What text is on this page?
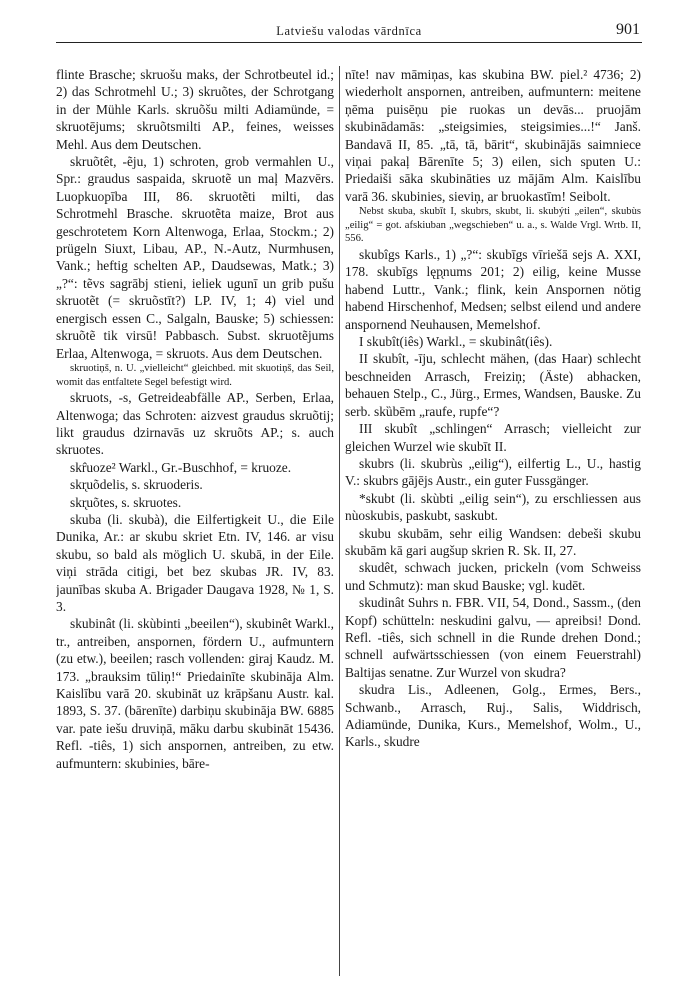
Latviešu valodas vārdnīca	901

flinte Brasche; skruošu maks, der Schrotbeutel id.; 2) das Schrotmehl U.; 3) skruõtes, der Schrotgang in der Mühle Karls. skruõšu milti Adiamünde, = skruotējums; skruõtsmilti AP., feines, weisses Mehl. Aus dem Deutschen.

skruõtêt, -ẽju, 1) schroten, grob vermahlen U., Spr.: graudus saspaida, skruotẽ un maļ Mazvērs. Luopkuopība III, 86. skruotẽti milti, das Schrotmehl Brasche. skruotẽta maize, Brot aus geschrotetem Korn Altenwoga, Erlaa, Stockm.; 2) prügeln Siuxt, Libau, AP., N.-Autz, Nurmhusen, Vank.; heftig schelten AP., Daudsewas, Matk.; 3) „?“: tẽvs sagrābj stieni, ieliek ugunī un grib pušu skruotẽt (= skruõstīt?) LP. IV, 1; 4) viel und energisch essen C., Salgaln, Bauske; 5) schiessen: skruõtẽ tik virsū! Pabbasch. Subst. skruotẽjums Erlaa, Altenwoga, = skruots. Aus dem Deutschen.

skruotiņš, n. U. „vielleicht“ gleichbed. mit skuotiņš, das Seil, womit das entfaltete Segel befestigt wird.

skruots, -s, Getreideabfälle AP., Serben, Erlaa, Altenwoga; das Schroten: aizvest graudus skruõtij; likt graudus dzirnavās uz skruõts AP.; s. auch skruotes.

skr̂uoze² Warkl., Gr.-Buschhof, = kruoze.

skr̨uõdelis, s. skruoderis.

skr̨uõtes, s. skruotes.

skuba (li. skubà), die Eilfertigkeit U., die Eile Dunika, Ar.: ar skubu skriet Etn. IV, 146. ar visu skubu, so bald als möglich U. skubā, in der Eile. viņi strāda citigi, bet bez skubas JR. IV, 83. jaunības skuba A. Brigader Daugava 1928, № 1, S. 3.

skubinât (li. skùbinti „beeilen“), skubinêt Warkl., tr., antreiben, anspornen, fördern U., aufmuntern (zu etw.), beeilen; rasch vollenden: giraj Kaudz. M. 173. „brauksim tūliņ!“ Priedainīte skubināja Alm. Kaislību varā 20. skubināt uz krāpšanu Austr. kal. 1893, S. 37. (bārenīte) darbiņu skubināja BW. 6885 var. pate iešu druviņā, māku darbu skubināt 15436. Refl. -tiês, 1) sich anspornen, antreiben, zu etw. aufmuntern: skubinies, bāre-

nīte! nav māmiņas, kas skubina BW. piel.² 4736; 2) wiederholt anspornen, antreiben, aufmuntern: meitene ņēma puisēņu pie ruokas un devās... pruojām skubinādamās: „steigsimies, steigsimies...!“ Janš. Bandavā II, 85. „tā, tā, bārit“, skubinājās saimniece viņai pakaļ Bārenīte 5; 3) eilen, sich sputen U.: Priedaiši sāka skubināties uz mājām Alm. Kaislību varā 36. skubinies, sieviņ, ar bruokastīm! Seibolt.

Nebst skuba, skubīt I, skubrs, skubt, li. skubýti „eilen“, skubùs „eilig“ = got. afskiuban „wegschieben“ u. a., s. Walde Vrgl. Wrtb. II, 556.

skubîgs Karls., 1) „?“: skubīgs vīriešā sejs A. XXI, 178. skubīgs lęp̨nums 201; 2) eilig, keine Musse habend Luttr., Vank.; flink, kein Anspornen nötig habend Hirschenhof, Medsen; selbst eilend und andere anspornend Neuhausen, Memelshof.

I skubît(iês) Warkl., = skubinât(iês).

II skubît, -īju, schlecht mähen, (das Haar) schlecht beschneiden Arrasch, Freiziņ; (Äste) abhacken, behauen Stelp., C., Jürg., Ermes, Wandsen, Bauske. Zu serb. skȕbēm „raufe, rupfe“?

III skubît „schlingen“ Arrasch; vielleicht zur gleichen Wurzel wie skubīt II.

skubrs (li. skubrùs „eilig“), eilfertig L., U., hastig V.: skubrs gājējs Austr., ein guter Fussgänger.

*skubt (li. skùbti „eilig sein“), zu erschliessen aus nùoskubis, paskubt, saskubt.

skubu skubām, sehr eilig Wandsen: debeši skubu skubām kā gari augšup skrien R. Sk. II, 27.

skudêt, schwach jucken, prickeln (vom Schweiss und Schmutz): man skud Bauske; vgl. kudēt.

skudinât Suhrs n. FBR. VII, 54, Dond., Sassm., (den Kopf) schütteln: neskudini galvu, — apreibsi! Dond. Refl. -tiês, sich schnell in die Runde drehen Dond.; schnell aufwärtsschiessen (von einem Feuerstrahl) Baltijas senatne. Zur Wurzel von skudra?

skudra Lis., Adleenen, Golg., Ermes, Bers., Schwanb., Arrasch, Ruj., Salis, Widdrisch, Adiamünde, Dunika, Kurs., Memelshof, Wolm., U., Karls., skudre
